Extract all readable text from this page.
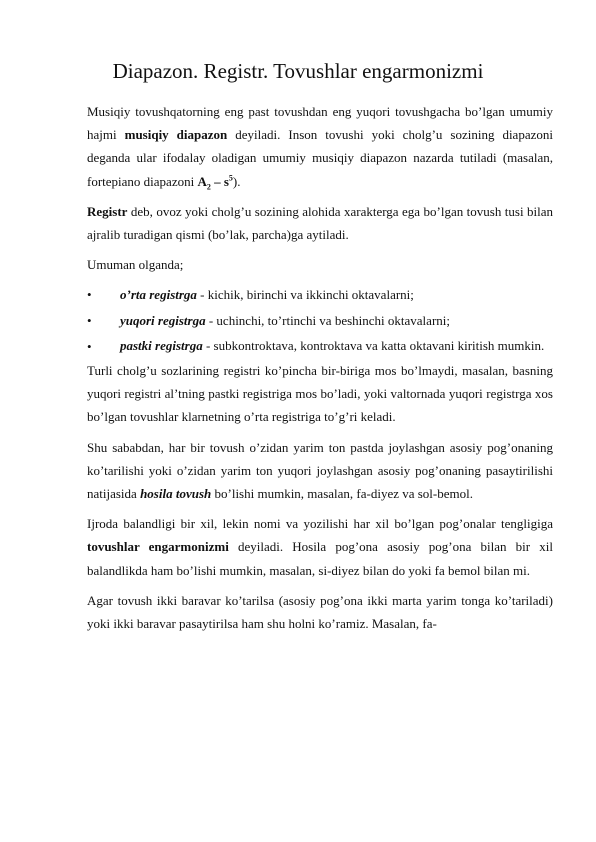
Diapazon. Registr. Tovushlar engarmonizmi

Musiqiy tovushqatorning eng past tovushdan eng yuqori tovushgacha bo’lgan umumiy hajmi musiqiy diapazon deyiladi. Inson tovushi yoki cholg’u sozining diapazoni deganda ular ifodalay oladigan umumiy musiqiy diapazon nazarda tutiladi (masalan, fortepiano diapazoni $A_2 - s^5$).

Registr deb, ovoz yoki cholg’u sozining alohida xarakterga ega bo’lgan tovush tusi bilan ajralib turadigan qismi (bo’lak, parcha)ga aytiladi.

Umuman olganda;

• o’rta registrga - kichik, birinchi va ikkinchi oktavalarni;
• yuqori registrga - uchinchi, to’rtinchi va beshinchi oktavalarni;
• pastki registrga - subkontroktava, kontroktava va katta oktavani kiritish mumkin.

Turli cholg’u sozlarining registri ko’pincha bir-biriga mos bo’lmaydi, masalan, basning yuqori registri al’tning pastki registriga mos bo’ladi, yoki valtornada yuqori registrga xos bo’lgan tovushlar klarnetning o’rta registriga to’g’ri keladi.

Shu sababdan, har bir tovush o’zidan yarim ton pastda joylashgan asosiy pog’onaning ko’tarilishi yoki o’zidan yarim ton yuqori joylashgan asosiy pog’onaning pasaytirilishi natijasida hosila tovush bo’lishi mumkin, masalan, fa-diyez va sol-bemol.

Ijroda balandligi bir xil, lekin nomi va yozilishi har xil bo’lgan pog’onalar tengligiga tovushlar engarmonizmi deyiladi. Hosila pog’ona asosiy pog’ona bilan bir xil balandlikda ham bo’lishi mumkin, masalan, si-diyez bilan do yoki fa bemol bilan mi.

Agar tovush ikki baravar ko’tarilsa (asosiy pog’ona ikki marta yarim tonga ko’tariladi) yoki ikki baravar pasaytirilsa ham shu holni ko’ramiz. Masalan, fa-
